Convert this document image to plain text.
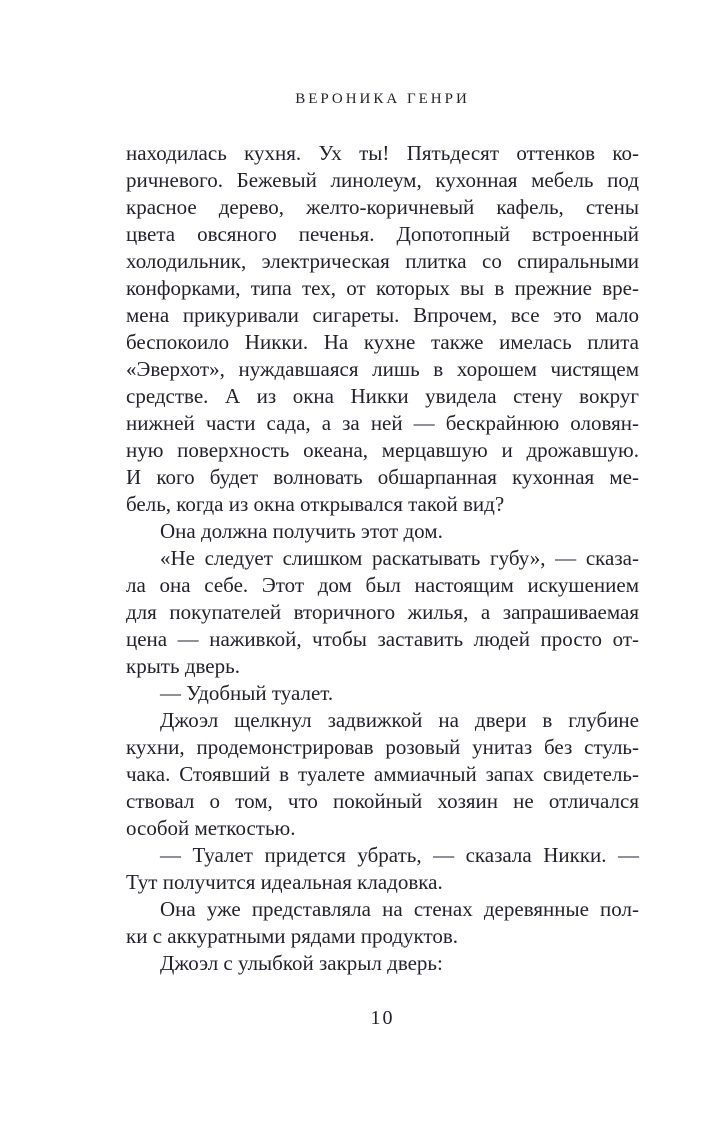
ВЕРОНИКА ГЕНРИ
находилась кухня. Ух ты! Пятьдесят оттенков ко-
ричневого. Бежевый линолеум, кухонная мебель под
красное дерево, желто-коричневый кафель, стены
цвета овсяного печенья. Допотопный встроенный
холодильник, электрическая плитка со спиральными
конфорками, типа тех, от которых вы в прежние вре-
мена прикуривали сигареты. Впрочем, все это мало
беспокоило Никки. На кухне также имелась плита
«Эверхот», нуждавшаяся лишь в хорошем чистящем
средстве. А из окна Никки увидела стену вокруг
нижней части сада, а за ней — бескрайнюю оловян-
ную поверхность океана, мерцавшую и дрожавшую.
И кого будет волновать обшарпанная кухонная ме-
бель, когда из окна открывался такой вид?
Она должна получить этот дом.
«Не следует слишком раскатывать губу», — сказа-
ла она себе. Этот дом был настоящим искушением
для покупателей вторичного жилья, а запрашиваемая
цена — наживкой, чтобы заставить людей просто от-
крыть дверь.
— Удобный туалет.
Джоэл щелкнул задвижкой на двери в глубине
кухни, продемонстрировав розовый унитаз без стуль-
чака. Стоявший в туалете аммиачный запах свидетель-
ствовал о том, что покойный хозяин не отличался
особой меткостью.
— Туалет придется убрать, — сказала Никки. —
Тут получится идеальная кладовка.
Она уже представляла на стенах деревянные пол-
ки с аккуратными рядами продуктов.
Джоэл с улыбкой закрыл дверь:
10
